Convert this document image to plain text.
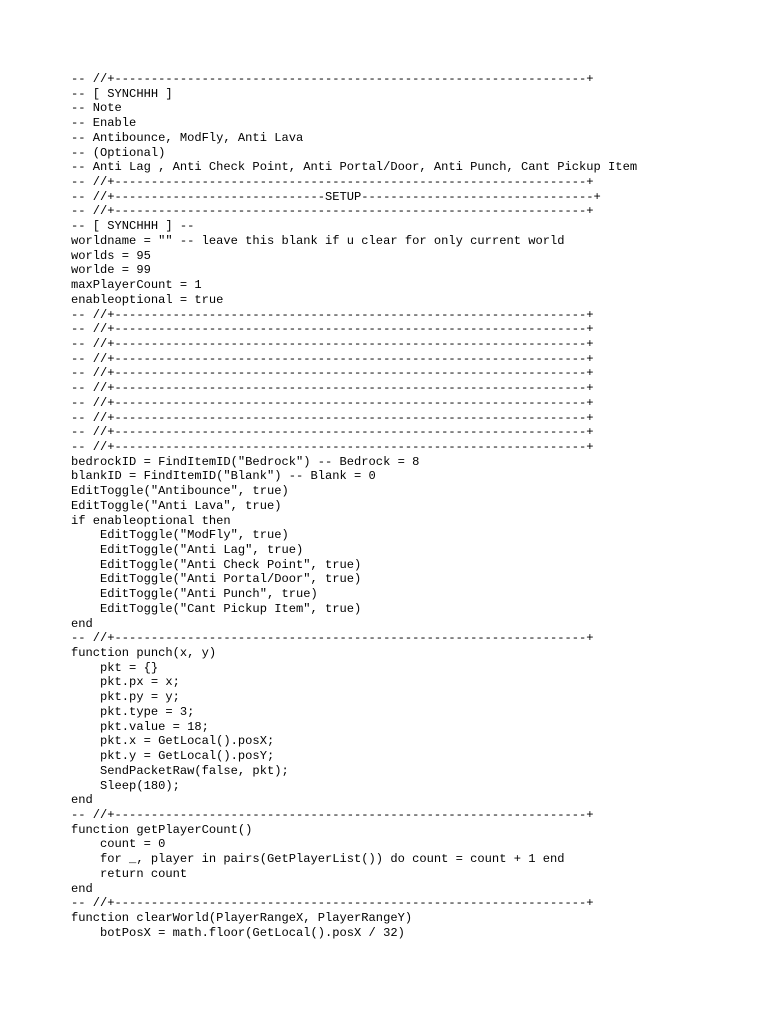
-- //+-----------------------------------------------------------------+
-- [ SYNCHHH ]
-- Note
-- Enable
-- Antibounce, ModFly, Anti Lava
-- (Optional)
-- Anti Lag , Anti Check Point, Anti Portal/Door, Anti Punch, Cant Pickup Item
-- //+-----------------------------------------------------------------+
-- //+-----------------------------SETUP--------------------------------+
-- //+-----------------------------------------------------------------+
-- [ SYNCHHH ] --
worldname = "" -- leave this blank if u clear for only current world
worlds = 95
worlde = 99
maxPlayerCount = 1
enableoptional = true
-- //+-----------------------------------------------------------------+
-- //+-----------------------------------------------------------------+
-- //+-----------------------------------------------------------------+
-- //+-----------------------------------------------------------------+
-- //+-----------------------------------------------------------------+
-- //+-----------------------------------------------------------------+
-- //+-----------------------------------------------------------------+
-- //+-----------------------------------------------------------------+
-- //+-----------------------------------------------------------------+
-- //+-----------------------------------------------------------------+
bedrockID = FindItemID("Bedrock") -- Bedrock = 8
blankID = FindItemID("Blank") -- Blank = 0
EditToggle("Antibounce", true)
EditToggle("Anti Lava", true)
if enableoptional then
EditToggle("ModFly", true)
EditToggle("Anti Lag", true)
EditToggle("Anti Check Point", true)
EditToggle("Anti Portal/Door", true)
EditToggle("Anti Punch", true)
EditToggle("Cant Pickup Item", true)
end
-- //+-----------------------------------------------------------------+
function punch(x, y)
pkt = {}
pkt.px = x;
pkt.py = y;
pkt.type = 3;
pkt.value = 18;
pkt.x = GetLocal().posX;
pkt.y = GetLocal().posY;
SendPacketRaw(false, pkt);
Sleep(180);
end
-- //+-----------------------------------------------------------------+
function getPlayerCount()
count = 0
for _, player in pairs(GetPlayerList()) do count = count + 1 end
return count
end
-- //+-----------------------------------------------------------------+
function clearWorld(PlayerRangeX, PlayerRangeY)
botPosX = math.floor(GetLocal().posX / 32)
